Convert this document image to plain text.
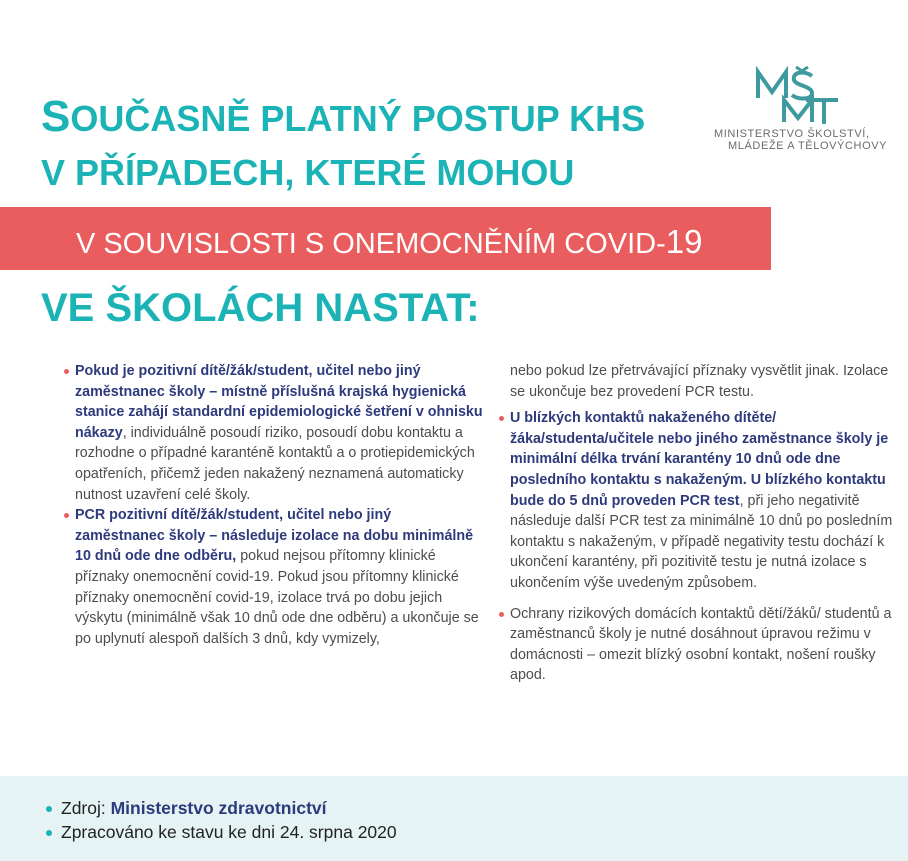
SOUČASNĚ PLATNÝ POSTUP KHS
V PŘÍPADECH, KTERÉ MOHOU
V SOUVISLOSTI S ONEMOCNĚNÍM COVID-19
VE ŠKOLÁCH NASTAT:
MINISTERSTVO ŠKOLSTVÍ,
MLÁDEŽE A TĚLOVÝCHOVY
Pokud je pozitivní dítě/žák/student, učitel nebo jiný zaměstnanec školy – místně příslušná krajská hygienická stanice zahájí standardní epidemiologické šetření v ohnisku nákazy, individuálně posoudí riziko, posoudí dobu kontaktu a rozhodne o případné karanténě kontaktů a o protiepidemických opatřeních, přičemž jeden nakažený neznamená automaticky nutnost uzavření celé školy.
PCR pozitivní dítě/žák/student, učitel nebo jiný zaměstnanec školy – následuje izolace na dobu minimálně 10 dnů ode dne odběru, pokud nejsou přítomny klinické příznaky onemocnění covid-19. Pokud jsou přítomny klinické příznaky onemocnění covid-19, izolace trvá po dobu jejich výskytu (minimálně však 10 dnů ode dne odběru) a ukončuje se po uplynutí alespoň dalších 3 dnů, kdy vymizely,
nebo pokud lze přetrvávající příznaky vysvětlit jinak. Izolace se ukončuje bez provedení PCR testu.
U blízkých kontaktů nakaženého dítěte/žáka/studenta/učitele nebo jiného zaměstnance školy je minimální délka trvání karantény 10 dnů ode dne posledního kontaktu s nakaženým. U blízkého kontaktu bude do 5 dnů proveden PCR test, při jeho negativitě následuje další PCR test za minimálně 10 dnů po posledním kontaktu s nakaženým, v případě negativity testu dochází k ukončení karantény, při pozitivitě testu je nutná izolace s ukončením výše uvedeným způsobem.
Ochrany rizikových domácích kontaktů dětí/žáků/ studentů a zaměstnanců školy je nutné dosáhnout úpravou režimu v domácnosti – omezit blízký osobní kontakt, nošení roušky apod.
Zdroj: Ministerstvo zdravotnictví
Zpracováno ke stavu ke dni 24. srpna 2020
